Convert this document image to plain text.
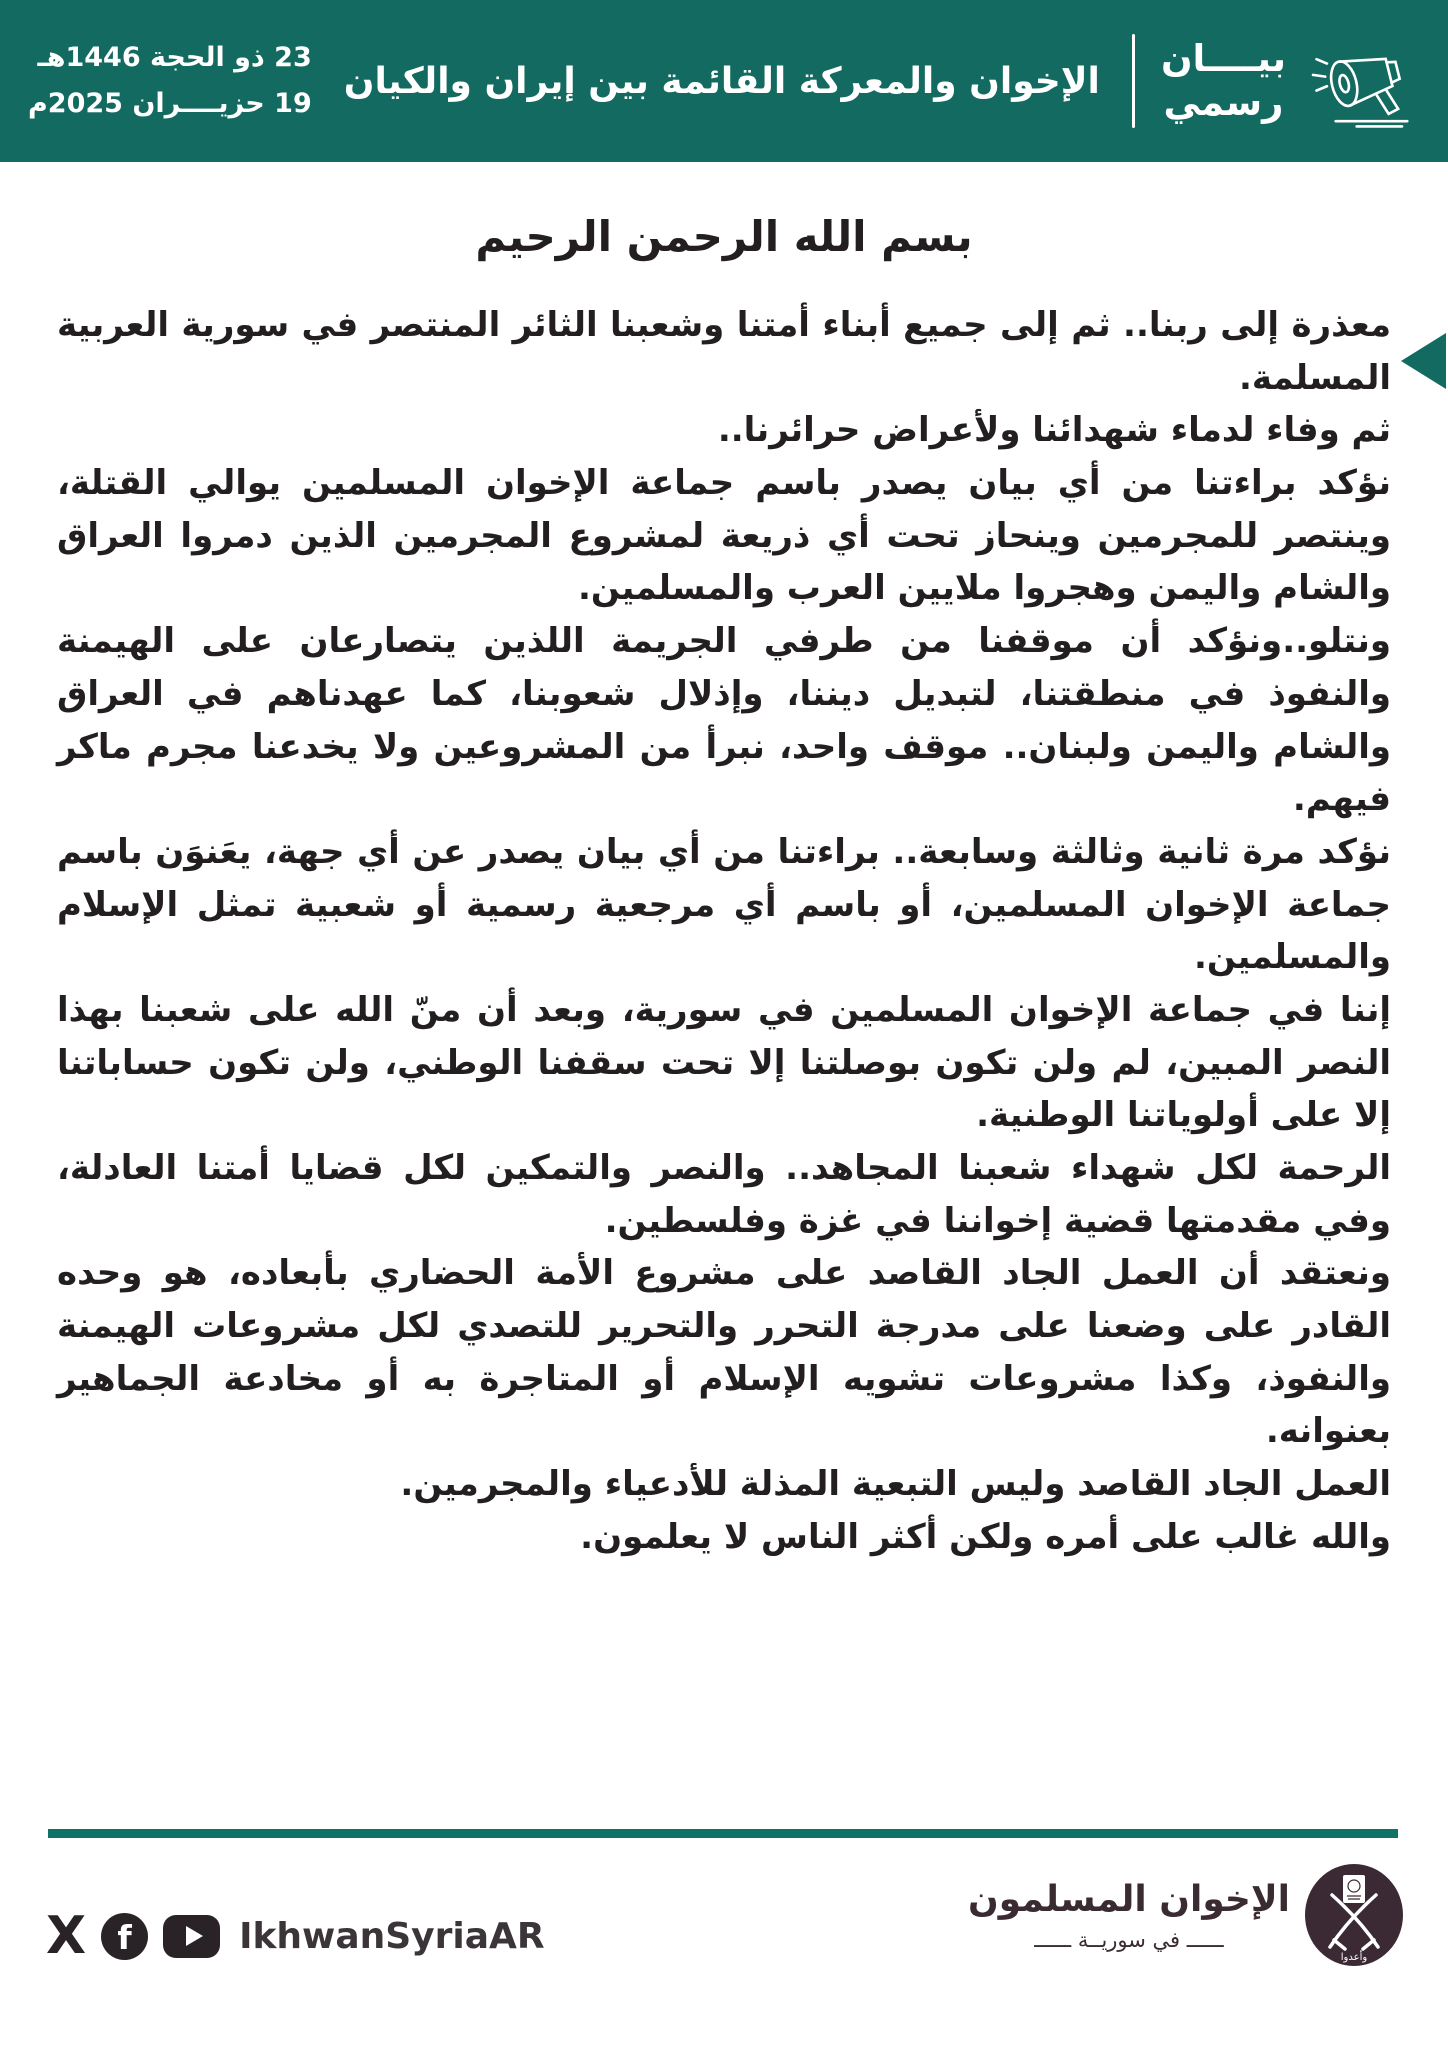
بيــــان
رسمي
الإخوان والمعركة القائمة بين إيران والكيان
23 ذو الحجة 1446هـ
19 حزيــــران 2025م
بسم الله الرحمن الرحيم

معذرة إلى ربنا.. ثم إلى جميع أبناء أمتنا وشعبنا الثائر المنتصر في سورية العربية المسلمة.

ثم وفاء لدماء شهدائنا ولأعراض حرائرنا..

نؤكد براءتنا من أي بيان يصدر باسم جماعة الإخوان المسلمين يوالي القتلة، وينتصر للمجرمين وينحاز تحت أي ذريعة لمشروع المجرمين الذين دمروا العراق والشام واليمن وهجروا ملايين العرب والمسلمين.

ونتلو..ونؤكد أن موقفنا من طرفي الجريمة اللذين يتصارعان على الهيمنة والنفوذ في منطقتنا، لتبديل ديننا، وإذلال شعوبنا، كما عهدناهم في العراق والشام واليمن ولبنان.. موقف واحد، نبرأ من المشروعين ولا يخدعنا مجرم ماكر فيهم.

نؤكد مرة ثانية وثالثة وسابعة.. براءتنا من أي بيان يصدر عن أي جهة، يعَنوَن باسم جماعة الإخوان المسلمين، أو باسم أي مرجعية رسمية أو شعبية تمثل الإسلام والمسلمين.

إننا في جماعة الإخوان المسلمين في سورية، وبعد أن منّ الله على شعبنا بهذا النصر المبين، لم ولن تكون بوصلتنا إلا تحت سقفنا الوطني، ولن تكون حساباتنا إلا على أولوياتنا الوطنية.

الرحمة لكل شهداء شعبنا المجاهد.. والنصر والتمكين لكل قضايا أمتنا العادلة، وفي مقدمتها قضية إخواننا في غزة وفلسطين.

ونعتقد أن العمل الجاد القاصد على مشروع الأمة الحضاري بأبعاده، هو وحده القادر على وضعنا على مدرجة التحرر والتحرير للتصدي لكل مشروعات الهيمنة والنفوذ، وكذا مشروعات تشويه الإسلام أو المتاجرة به أو مخادعة الجماهير بعنوانه.

العمل الجاد القاصد وليس التبعية المذلة للأدعياء والمجرمين.

والله غالب على أمره ولكن أكثر الناس لا يعلمون.

X f	IkhwanSyriaAR
وأعدوا
الإخوان المسلمون
ــــــ في سوريــة ــــــ
